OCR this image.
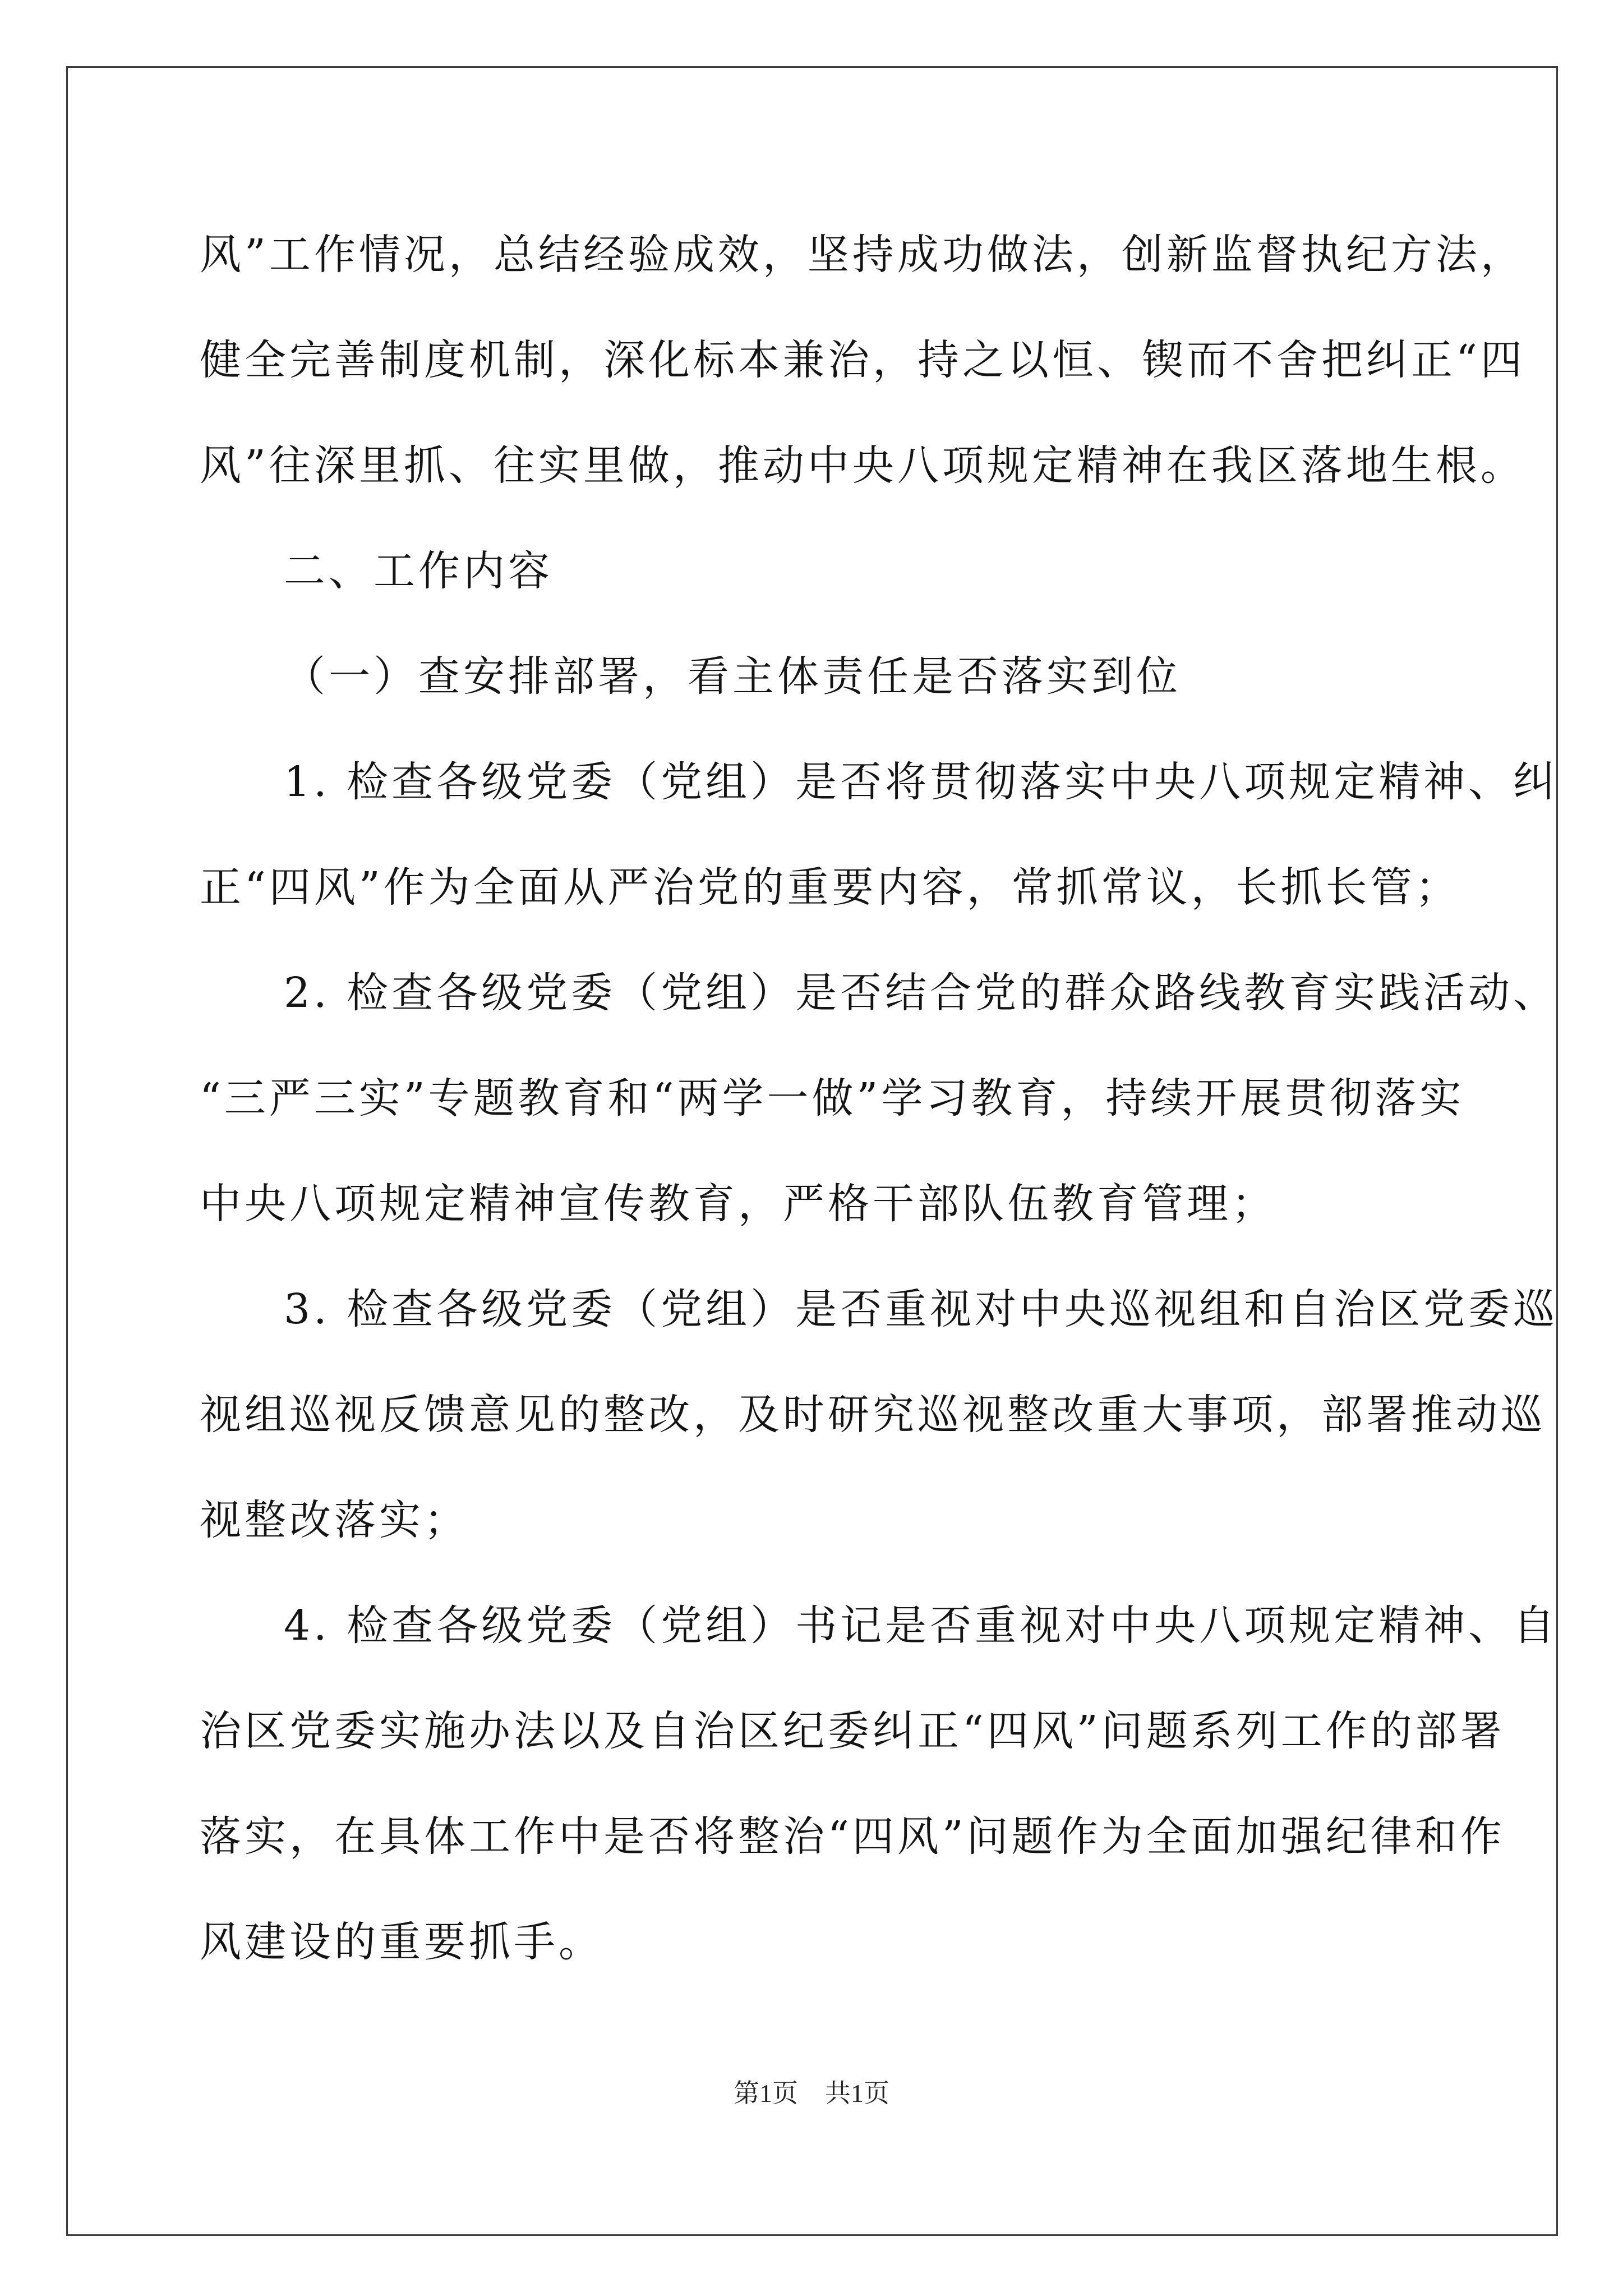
风”工作情况，总结经验成效，坚持成功做法，创新监督执纪方法，
健全完善制度机制，深化标本兼治，持之以恒、锲而不舍把纠正“四
风”往深里抓、往实里做，推动中央八项规定精神在我区落地生根。
二、工作内容
（一）查安排部署，看主体责任是否落实到位
1. 检查各级党委（党组）是否将贯彻落实中央八项规定精神、纠
正“四风”作为全面从严治党的重要内容，常抓常议，长抓长管；
2. 检查各级党委（党组）是否结合党的群众路线教育实践活动、
“三严三实”专题教育和“两学一做”学习教育，持续开展贯彻落实
中央八项规定精神宣传教育，严格干部队伍教育管理；
3. 检查各级党委（党组）是否重视对中央巡视组和自治区党委巡
视组巡视反馈意见的整改，及时研究巡视整改重大事项，部署推动巡
视整改落实；
4. 检查各级党委（党组）书记是否重视对中央八项规定精神、自
治区党委实施办法以及自治区纪委纠正“四风”问题系列工作的部署
落实，在具体工作中是否将整治“四风”问题作为全面加强纪律和作
风建设的重要抓手。
第1页 共1页
